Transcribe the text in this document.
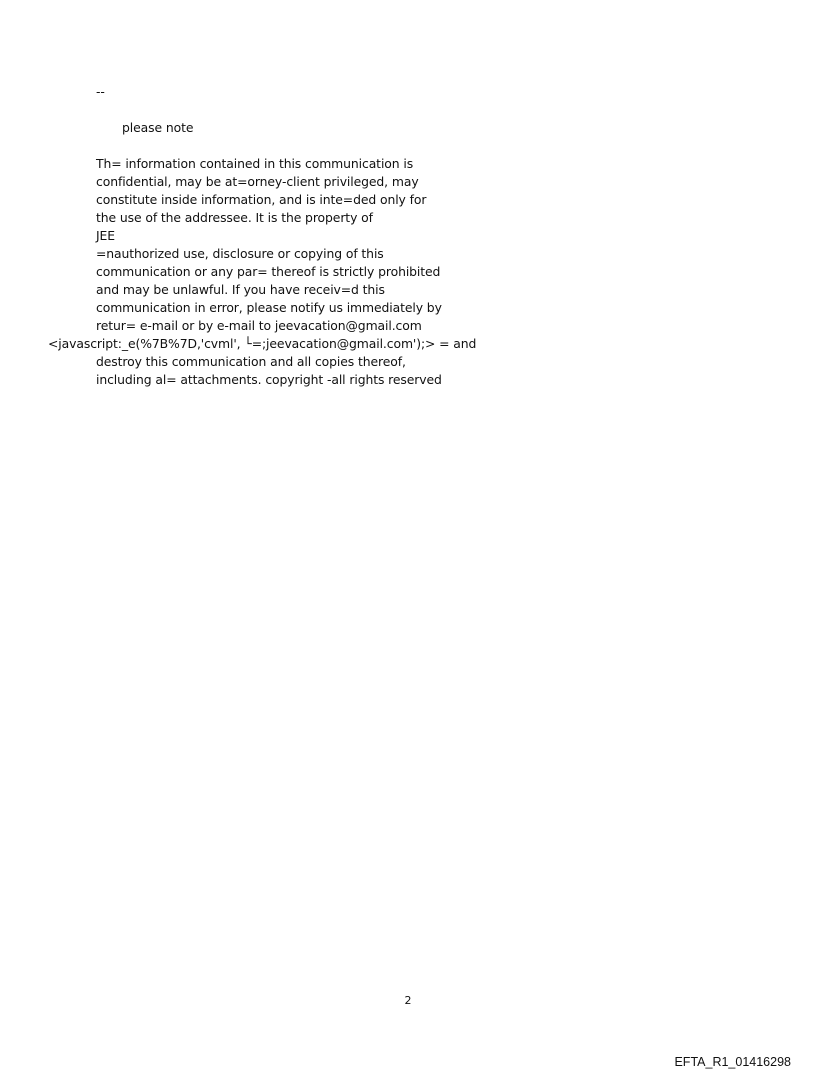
--
please note
Th= information contained in this communication is
confidential, may be at=orney-client privileged, may
constitute inside information, and is inte=ded only for
the use of the addressee. It is the property of
JEE
=nauthorized use, disclosure or copying of this
communication or any par= thereof is strictly prohibited
and may be unlawful. If you have receiv=d this
communication in error, please notify us immediately by
retur= e-mail or by e-mail to jeevacation@gmail.com
<javascript:_e(%7B%7D,'cvml', └=;jeevacation@gmail.com');> = and
destroy this communication and all copies thereof,
including al= attachments. copyright -all rights reserved
2
EFTA_R1_01416298
